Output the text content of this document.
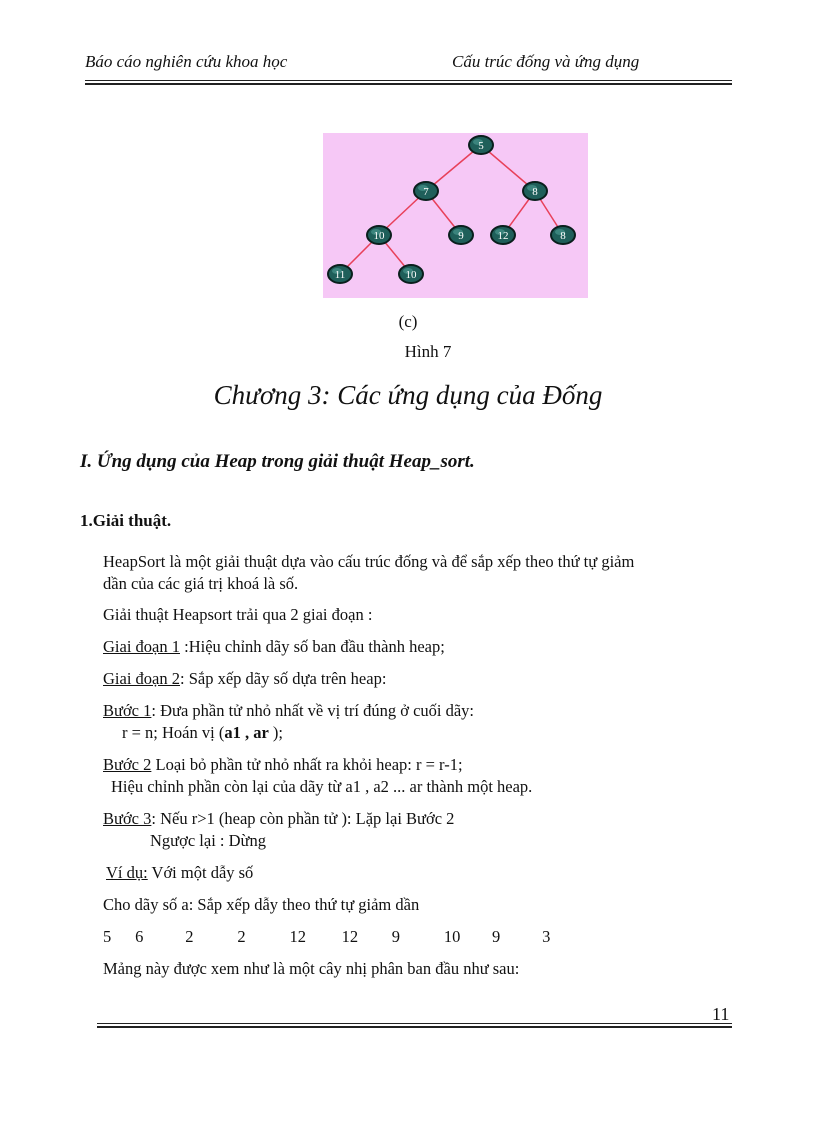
Báo cáo nghiên cứu khoa học	Cấu trúc đống và ứng dụng
5
7	8
10	9	12	8
11	10
(c)
Hình 7
Chương 3: Các ứng dụng của Đống
I. Ứng dụng của Heap trong giải thuật Heap_sort.
1.Giải thuật.
HeapSort là một giải thuật dựa vào cấu trúc đống và để sắp xếp theo thứ tự giảm
dần của các giá trị khoá là số.
Giải thuật Heapsort trải qua 2 giai đoạn :
Giai đoạn 1 :Hiệu chỉnh dãy số ban đầu thành heap;
Giai đoạn 2: Sắp xếp dãy số dựa trên heap:
Bước 1: Đưa phần tử nhỏ nhất về vị trí đúng ở cuối dãy:
r = n; Hoán vị (a1 , ar );
Bước 2 Loại bỏ phần tử nhỏ nhất ra khỏi heap: r = r-1;
Hiệu chỉnh phần còn lại của dãy từ a1 , a2 ... ar thành một heap.
Bước 3: Nếu r>1 (heap còn phần tử ): Lặp lại Bước 2
Ngược lại : Dừng
Ví dụ: Với một dẫy số
Cho dãy số a: Sắp xếp dẫy theo thứ tự giảm dần
5 6	2	2	12 12 9	10 9	3
Mảng này được xem như là một cây nhị phân ban đầu như sau:
11
